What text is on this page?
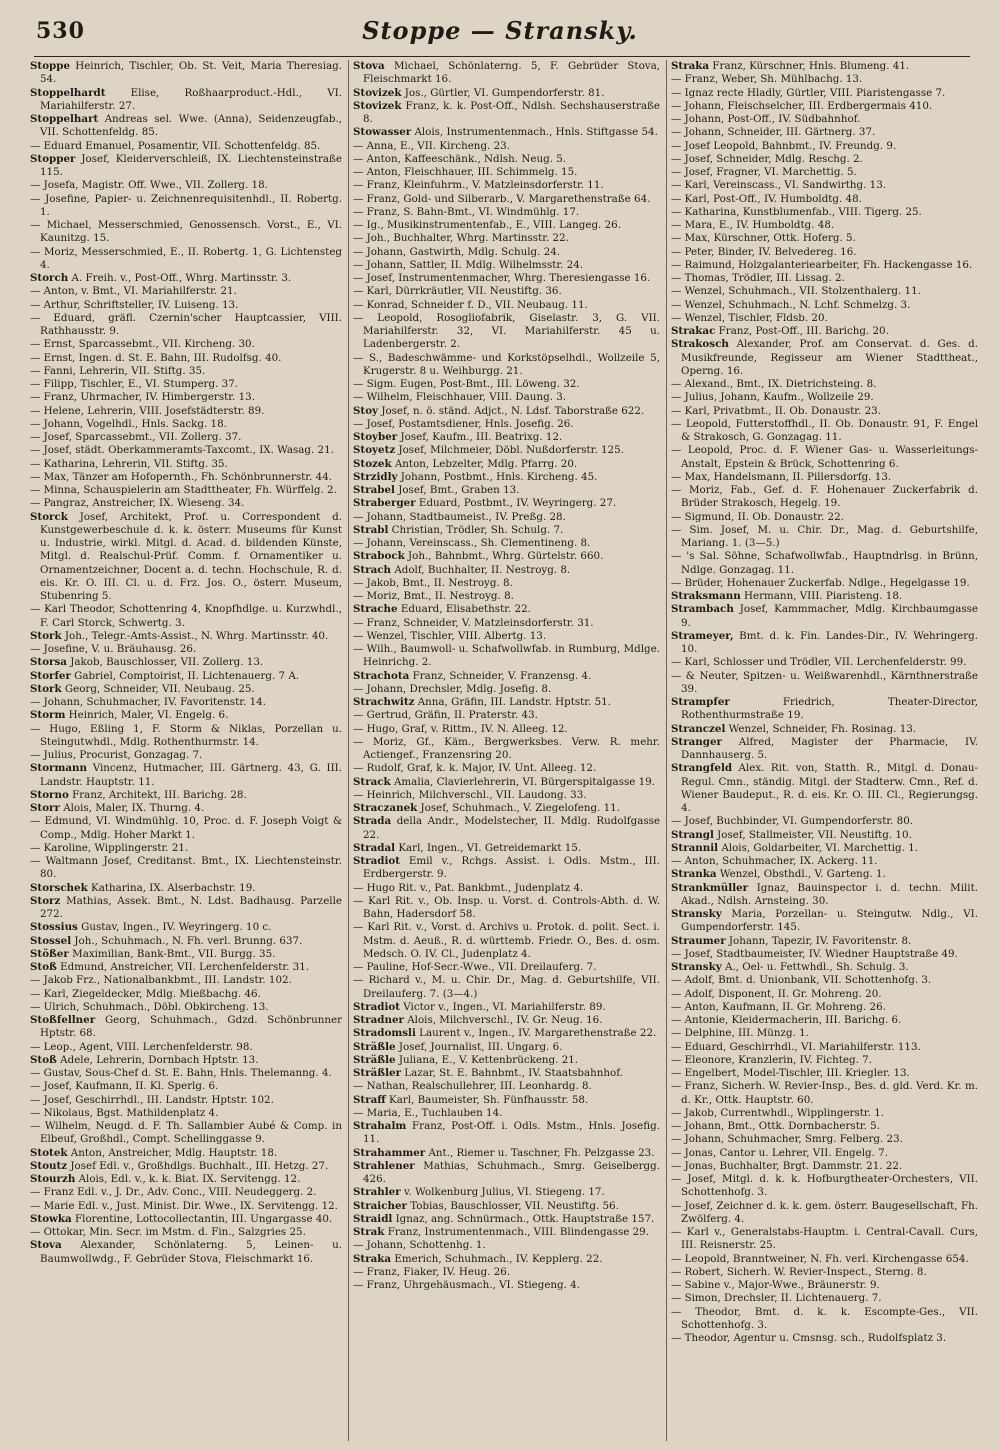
530	Stoppe — Stransky.

Stoppe Heinrich, Tischler, Ob. St. Veit, Maria Theresiag. 54.

Stoppelhardt Elise, Roßhaarproduct.-Hdl., VI. Mariahilferstr. 27.

Stoppelhart Andreas sel. Wwe. (Anna), Seidenzeugfab., VII. Schottenfeldg. 85.

— Eduard Emanuel, Posamentir, VII. Schottenfeldg. 85.

Stopper Josef, Kleiderverschleiß, IX. Liechtensteinstraße 115.

— Josefa, Magistr. Off. Wwe., VII. Zollerg. 18.

— Josefine, Papier- u. Zeichnenrequisitenhdl., II. Robertg. 1.

— Michael, Messerschmied, Genossensch. Vorst., E., VI. Kaunitzg. 15.

— Moriz, Messerschmied, E., II. Robertg. 1, G. Lichtensteg 4.

Storch A. Freih. v., Post-Off., Whrg. Martinsstr. 3.

— Anton, v. Bmt., VI. Mariahilferstr. 21.

— Arthur, Schriftsteller, IV. Luiseng. 13.

— Eduard, gräfl. Czernin'scher Hauptcassier, VIII. Rathhausstr. 9.

— Ernst, Sparcassebmt., VII. Kircheng. 30.

— Ernst, Ingen. d. St. E. Bahn, III. Rudolfsg. 40.

— Fanni, Lehrerin, VII. Stiftg. 35.

— Filipp, Tischler, E., VI. Stumperg. 37.

— Franz, Uhrmacher, IV. Himbergerstr. 13.

— Helene, Lehrerin, VIII. Josefstädterstr. 89.

— Johann, Vogelhdl., Hnls. Sackg. 18.

— Josef, Sparcassebmt., VII. Zollerg. 37.

— Josef, städt. Oberkammeramts-Taxcomt., IX. Wasag. 21.

— Katharina, Lehrerin, VII. Stiftg. 35.

— Max, Tänzer am Hofopernth., Fh. Schönbrunnerstr. 44.

— Minna, Schauspielerin am Stadttheater, Fh. Würffelg. 2.

— Pangraz, Anstreicher, IX. Wieseng. 34.

Storck Josef, Architekt, Prof. u. Correspondent d. Kunstgewerbeschule d. k. k. österr. Museums für Kunst u. Industrie, wirkl. Mitgl. d. Acad. d. bildenden Künste, Mitgl. d. Realschul-Prüf. Comm. f. Ornamentiker u. Ornamentzeichner, Docent a. d. techn. Hochschule, R. d. eis. Kr. O. III. Cl. u. d. Frz. Jos. O., österr. Museum, Stubenring 5.

— Karl Theodor, Schottenring 4, Knopfhdlge. u. Kurzwhdl., F. Carl Storck, Schwertg. 3.

Stork Joh., Telegr.-Amts-Assist., N. Whrg. Martinsstr. 40.

— Josefine, V. u. Bräuhausg. 26.

Storsa Jakob, Bauschlosser, VII. Zollerg. 13.

Storfer Gabriel, Comptoirist, II. Lichtenauerg. 7 A.

Stork Georg, Schneider, VII. Neubaug. 25.

— Johann, Schuhmacher, IV. Favoritenstr. 14.

Storm Heinrich, Maler, VI. Engelg. 6.

— Hugo, Eßling 1, F. Storm & Niklas, Porzellan u. Steingutwhdl., Mdlg. Rothenthurmstr. 14.

— Julius, Procurist, Gonzagag. 7.

Stormann Vincenz, Hutmacher, III. Gärtnerg. 43, G. III. Landstr. Hauptstr. 11.

Storno Franz, Architekt, III. Barichg. 28.

Storr Alois, Maler, IX. Thurng. 4.

— Edmund, VI. Windmühlg. 10, Proc. d. F. Joseph Voigt & Comp., Mdlg. Hoher Markt 1.

— Karoline, Wipplingerstr. 21.

— Waltmann Josef, Creditanst. Bmt., IX. Liechtensteinstr. 80.

Storschek Katharina, IX. Alserbachstr. 19.

Storz Mathias, Assek. Bmt., N. Ldst. Badhausg. Parzelle 272.

Stossius Gustav, Ingen., IV. Weyringerg. 10 c.

Stossel Joh., Schuhmach., N. Fh. verl. Brunng. 637.

Stößer Maximilian, Bank-Bmt., VII. Burgg. 35.

Stoß Edmund, Anstreicher, VII. Lerchenfelderstr. 31.

— Jakob Frz., Nationalbankbmt., III. Landstr. 102.

— Karl, Ziegeldecker, Mdlg. Mießbachg. 46.

— Ulrich, Schuhmach., Döbl. Obkircheng. 13.

Stoßfellner Georg, Schuhmach., Gdzd. Schönbrunner Hptstr. 68.

— Leop., Agent, VIII. Lerchenfelderstr. 98.

Stoß Adele, Lehrerin, Dornbach Hptstr. 13.

— Gustav, Sous-Chef d. St. E. Bahn, Hnls. Thelemanng. 4.

— Josef, Kaufmann, II. Kl. Sperlg. 6.

— Josef, Geschirrhdl., III. Landstr. Hptstr. 102.

— Nikolaus, Bgst. Mathildenplatz 4.

— Wilhelm, Neugd. d. F. Th. Sallambier Aubé & Comp. in Elbeuf, Großhdl., Compt. Schellinggasse 9.

Stotek Anton, Anstreicher, Mdlg. Hauptstr. 18.

Stoutz Josef Edl. v., Großhdlgs. Buchhalt., III. Hetzg. 27.

Stourzh Alois, Edl. v., k. k. Biat. IX. Servitengg. 12.

— Franz Edl. v., J. Dr., Adv. Conc., VIII. Neudeggerg. 2.

— Marie Edl. v., Just. Minist. Dir. Wwe., IX. Servitengg. 12.

Stowka Florentine, Lottocollectantin, III. Ungargasse 40.

— Ottokar, Min. Secr. im Mstm. d. Fin., Salzgries 25.

Stova Alexander, Schönlaterng. 5, Leinen- u. Baumwollwdg., F. Gebrüder Stova, Fleischmarkt 16.

Stova Michael, Schönlaterng. 5, F. Gebrüder Stova, Fleischmarkt 16.

Stovizek Jos., Gürtler, VI. Gumpendorferstr. 81.

Stovizek Franz, k. k. Post-Off., Ndlsh. Sechshauserstraße 8.

Stowasser Alois, Instrumentenmach., Hnls. Stiftgasse 54.

— Anna, E., VII. Kircheng. 23.

— Anton, Kaffeeschänk., Ndlsh. Neug. 5.

— Anton, Fleischhauer, III. Schimmelg. 15.

— Franz, Kleinfuhrm., V. Matzleinsdorferstr. 11.

— Franz, Gold- und Silberarb., V. Margarethenstraße 64.

— Franz, S. Bahn-Bmt., VI. Windmühlg. 17.

— Ig., Musikinstrumentenfab., E., VIII. Langeg. 26.

— Joh., Buchhalter, Whrg. Martinsstr. 22.

— Johann, Gastwirth, Mdlg. Schulg. 24.

— Johann, Sattler, II. Mdlg. Wilhelmsstr. 24.

— Josef, Instrumentenmacher, Whrg. Theresiengasse 16.

— Karl, Dürrkräutler, VII. Neustiftg. 36.

— Konrad, Schneider f. D., VII. Neubaug. 11.

— Leopold, Rosogliofabrik, Giselastr. 3, G. VII. Mariahilferstr. 32, VI. Mariahilferstr. 45 u. Ladenbergerstr. 2.

— S., Badeschwämme- und Korkstöpselhdl., Wollzeile 5, Krugerstr. 8 u. Weihburgg. 21.

— Sigm. Eugen, Post-Bmt., III. Löweng. 32.

— Wilhelm, Fleischhauer, VIII. Daung. 3.

Stoy Josef, n. ö. ständ. Adjct., N. Ldsf. Taborstraße 622.

— Josef, Postamtsdiener, Hnls. Josefig. 26.

Stoyber Josef, Kaufm., III. Beatrixg. 12.

Stoyetz Josef, Milchmeier, Döbl. Nußdorferstr. 125.

Stozek Anton, Lebzelter, Mdlg. Pfarrg. 20.

Strzidly Johann, Postbmt., Hnls. Kircheng. 45.

Strabel Josef, Bmt., Graben 13.

Straberger Eduard, Postbmt., IV. Weyringerg. 27.

— Johann, Stadtbaumeist., IV. Preßg. 28.

Strabl Christian, Trödler, Sh. Schulg. 7.

— Johann, Vereinscass., Sh. Clementineng. 8.

Strabock Joh., Bahnbmt., Whrg. Gürtelstr. 660.

Strach Adolf, Buchhalter, II. Nestroyg. 8.

— Jakob, Bmt., II. Nestroyg. 8.

— Moriz, Bmt., II. Nestroyg. 8.

Strache Eduard, Elisabethstr. 22.

— Franz, Schneider, V. Matzleinsdorferstr. 31.

— Wenzel, Tischler, VIII. Albertg. 13.

— Wilh., Baumwoll- u. Schafwollwfab. in Rumburg, Mdlge. Heinrichg. 2.

Strachota Franz, Schneider, V. Franzensg. 4.

— Johann, Drechsler, Mdlg. Josefig. 8.

Strachwitz Anna, Gräfin, III. Landstr. Hptstr. 51.

— Gertrud, Gräfin, II. Praterstr. 43.

— Hugo, Graf, v. Rittm., IV. N. Alleeg. 12.

— Moriz, Gf., Käm., Bergwerksbes. Verw. R. mehr. Actiengef., Franzensring 20.

— Rudolf, Graf, k. k. Major, IV. Unt. Alleeg. 12.

Strack Amalia, Clavierlehrerin, VI. Bürgerspitalgasse 19.

— Heinrich, Milchverschl., VII. Laudong. 33.

Straczanek Josef, Schuhmach., V. Ziegelofeng. 11.

Strada della Andr., Modelstecher, II. Mdlg. Rudolfgasse 22.

Stradal Karl, Ingen., VI. Getreidemarkt 15.

Stradiot Emil v., Rchgs. Assist. i. Odls. Mstm., III. Erdbergerstr. 9.

— Hugo Rit. v., Pat. Bankbmt., Judenplatz 4.

— Karl Rit. v., Ob. Insp. u. Vorst. d. Controls-Abth. d. W. Bahn, Hadersdorf 58.

— Karl Rit. v., Vorst. d. Archivs u. Protok. d. polit. Sect. i. Mstm. d. Aeuß., R. d. württemb. Friedr. O., Bes. d. osm. Medsch. O. IV. Cl., Judenplatz 4.

— Pauline, Hof-Secr.-Wwe., VII. Dreilauferg. 7.

— Richard v., M. u. Chir. Dr., Mag. d. Geburtshilfe, VII. Dreilauferg. 7. (3—4.)

Stradiot Victor v., Ingen., VI. Mariahilferstr. 89.

Stradner Alois, Milchverschl., IV. Gr. Neug. 16.

Stradomsli Laurent v., Ingen., IV. Margarethenstraße 22.

Sträßle Josef, Journalist, III. Ungarg. 6.

Sträßle Juliana, E., V. Kettenbrückeng. 21.

Sträßler Lazar, St. E. Bahnbmt., IV. Staatsbahnhof.

— Nathan, Realschullehrer, III. Leonhardg. 8.

Straff Karl, Baumeister, Sh. Fünfhausstr. 58.

— Maria, E., Tuchlauben 14.

Strahalm Franz, Post-Off. i. Odls. Mstm., Hnls. Josefig. 11.

Strahammer Ant., Riemer u. Taschner, Fh. Pelzgasse 23.

Strahlener Mathias, Schuhmach., Smrg. Geiselbergg. 426.

Strahler v. Wolkenburg Julius, VI. Stiegeng. 17.

Straicher Tobias, Bauschlosser, VII. Neustiftg. 56.

Straidl Ignaz, ang. Schnürmach., Ottk. Hauptstraße 157.

Strak Franz, Instrumentenmach., VIII. Blindengasse 29.

— Johann, Schottenhg. 1.

Straka Emerich, Schuhmach., IV. Kepplerg. 22.

— Franz, Fiaker, IV. Heug. 26.

— Franz, Uhrgehäusmach., VI. Stiegeng. 4.

Straka Franz, Kürschner, Hnls. Blumeng. 41.

— Franz, Weber, Sh. Mühlbachg. 13.

— Ignaz recte Hladly, Gürtler, VIII. Piaristengasse 7.

— Johann, Fleischselcher, III. Erdbergermais 410.

— Johann, Post-Off., IV. Südbahnhof.

— Johann, Schneider, III. Gärtnerg. 37.

— Josef Leopold, Bahnbmt., IV. Freundg. 9.

— Josef, Schneider, Mdlg. Reschg. 2.

— Josef, Fragner, VI. Marchettig. 5.

— Karl, Vereinscass., VI. Sandwirthg. 13.

— Karl, Post-Off., IV. Humboldtg. 48.

— Katharina, Kunstblumenfab., VIII. Tigerg. 25.

— Mara, E., IV. Humboldtg. 48.

— Max, Kürschner, Ottk. Hoferg. 5.

— Peter, Binder, IV. Belvedereg. 16.

— Raimund, Holzgalanteriearbeiter, Fh. Hackengasse 16.

— Thomas, Trödler, III. Lissag. 2.

— Wenzel, Schuhmach., VII. Stolzenthalerg. 11.

— Wenzel, Schuhmach., N. Lchf. Schmelzg. 3.

— Wenzel, Tischler, Fldsb. 20.

Strakac Franz, Post-Off., III. Barichg. 20.

Strakosch Alexander, Prof. am Conservat. d. Ges. d. Musikfreunde, Regisseur am Wiener Stadttheat., Operng. 16.

— Alexand., Bmt., IX. Dietrichsteing. 8.

— Julius, Johann, Kaufm., Wollzeile 29.

— Karl, Privatbmt., II. Ob. Donaustr. 23.

— Leopold, Futterstoffhdl., II. Ob. Donaustr. 91, F. Engel & Strakosch, G. Gonzagag. 11.

— Leopold, Proc. d. F. Wiener Gas- u. Wasserleitungs-Anstalt, Epstein & Brück, Schottenring 6.

— Max, Handelsmann, II. Pillersdorfg. 13.

— Moriz, Fab., Gef. d. F. Hohenauer Zuckerfabrik d. Brüder Strakosch, Hegelg. 19.

— Sigmund, II. Ob. Donaustr. 22.

— Sim. Josef, M. u. Chir. Dr., Mag. d. Geburtshilfe, Mariang. 1. (3—5.)

— 's Sal. Söhne, Schafwollwfab., Hauptndrlsg. in Brünn, Ndlge. Gonzagag. 11.

— Brüder, Hohenauer Zuckerfab. Ndlge., Hegelgasse 19.

Straksmann Hermann, VIII. Piaristeng. 18.

Strambach Josef, Kammmacher, Mdlg. Kirchbaumgasse 9.

Strameyer, Bmt. d. k. Fin. Landes-Dir., IV. Wehringerg. 10.

— Karl, Schlosser und Trödler, VII. Lerchenfelderstr. 99.

— & Neuter, Spitzen- u. Weißwarenhdl., Kärnthnerstraße 39.

Strampfer Friedrich, Theater-Director, Rothenthurmstraße 19.

Stranczel Wenzel, Schneider, Fh. Rosinag. 13.

Stranger Alfred, Magister der Pharmacie, IV. Dannhauserg. 5.

Strangfeld Alex. Rit. von, Statth. R., Mitgl. d. Donau-Regul. Cmn., ständig. Mitgl. der Stadterw. Cmn., Ref. d. Wiener Baudeput., R. d. eis. Kr. O. III. Cl., Regierungsg. 4.

— Josef, Buchbinder, VI. Gumpendorferstr. 80.

Strangl Josef, Stallmeister, VII. Neustiftg. 10.

Strannil Alois, Goldarbeiter, VI. Marchettig. 1.

— Anton, Schuhmacher, IX. Ackerg. 11.

Stranka Wenzel, Obsthdl., V. Garteng. 1.

Strankmüller Ignaz, Bauinspector i. d. techn. Milit. Akad., Ndlsh. Arnsteing. 30.

Stransky Maria, Porzellan- u. Steingutw. Ndlg., VI. Gumpendorferstr. 145.

Straumer Johann, Tapezir, IV. Favoritenstr. 8.

— Josef, Stadtbaumeister, IV. Wiedner Hauptstraße 49.

Stransky A., Oel- u. Fettwhdl., Sh. Schulg. 3.

— Adolf, Bmt. d. Unionbank, VII. Schottenhofg. 3.

— Adolf, Disponent, II. Gr. Mohreng. 20.

— Anton, Kaufmann, II. Gr. Mohreng. 26.

— Antonie, Kleidermacherin, III. Barichg. 6.

— Delphine, III. Münzg. 1.

— Eduard, Geschirrhdl., VI. Mariahilferstr. 113.

— Eleonore, Kranzlerin, IV. Fichteg. 7.

— Engelbert, Model-Tischler, III. Kriegler. 13.

— Franz, Sicherh. W. Revier-Insp., Bes. d. gld. Verd. Kr. m. d. Kr., Ottk. Hauptstr. 60.

— Jakob, Currentwhdl., Wipplingerstr. 1.

— Johann, Bmt., Ottk. Dornbacherstr. 5.

— Johann, Schuhmacher, Smrg. Felberg. 23.

— Jonas, Cantor u. Lehrer, VII. Engelg. 7.

— Jonas, Buchhalter, Brgt. Dammstr. 21. 22.

— Josef, Mitgl. d. k. k. Hofburgtheater-Orchesters, VII. Schottenhofg. 3.

— Josef, Zeichner d. k. k. gem. österr. Baugesellschaft, Fh. Zwölferg. 4.

— Karl v., Generalstabs-Hauptm. i. Central-Cavall. Curs, III. Reisnerstr. 25.

— Leopold, Branntweiner, N. Fh. verl. Kirchengasse 654.

— Robert, Sicherh. W. Revier-Inspect., Sterng. 8.

— Sabine v., Major-Wwe., Bräunerstr. 9.

— Simon, Drechsler, II. Lichtenauerg. 7.

— Theodor, Bmt. d. k. k. Escompte-Ges., VII. Schottenhofg. 3.

— Theodor, Agentur u. Cmsnsg. sch., Rudolfsplatz 3.
